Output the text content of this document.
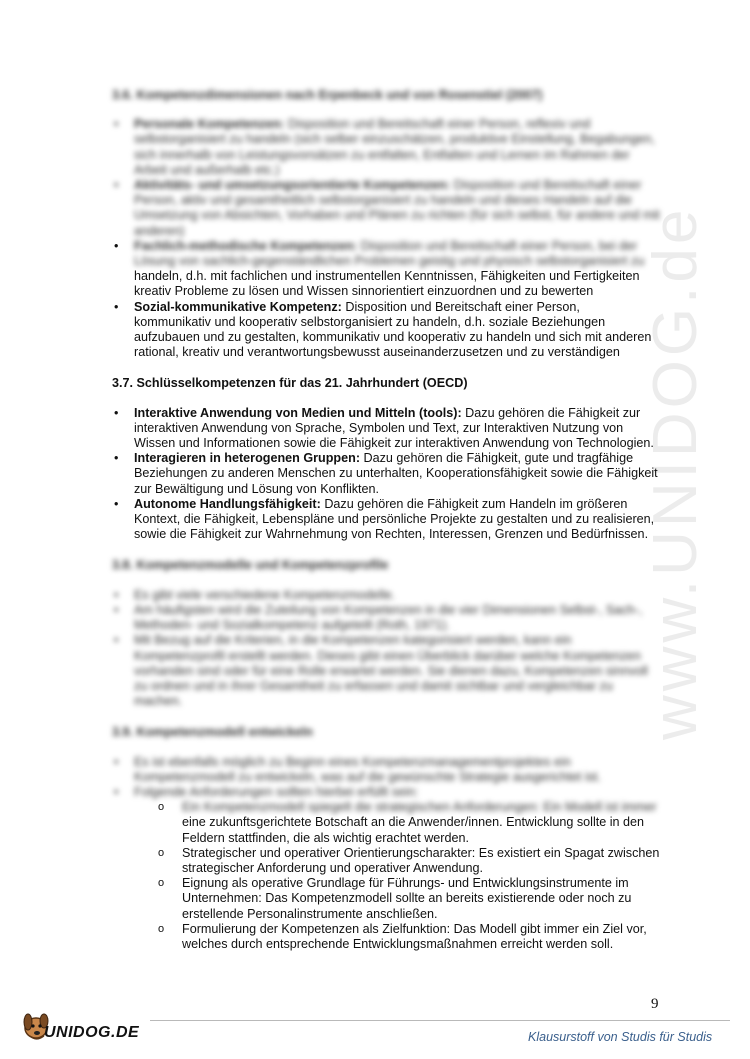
www.UNIDOG.de
3.6. Kompetenzdimensionen nach Erpenbeck und von Rosenstiel (2007)
• Personale Kompetenzen: Disposition und Bereitschaft einer Person, reflexiv und selbstorganisiert zu handeln (sich selber einzuschätzen, produktive Einstellung, Begabungen, sich innerhalb von Leistungsvorsätzen zu entfalten, Entfalten und Lernen im Rahmen der Arbeit und außerhalb etc.)
• Aktivitäts- und umsetzungsorientierte Kompetenzen: Disposition und Bereitschaft einer Person, aktiv und gesamtheitlich selbstorganisiert zu handeln und dieses Handeln auf die Umsetzung von Absichten, Vorhaben und Plänen zu richten (für sich selbst, für andere und mit anderen)
• Fachlich-methodische Kompetenzen: Disposition und Bereitschaft einer Person, bei der Lösung von sachlich-gegenständlichen Problemen geistig und physisch selbstorganisiert zu
handeln, d.h. mit fachlichen und instrumentellen Kenntnissen, Fähigkeiten und Fertigkeiten kreativ Probleme zu lösen und Wissen sinnorientiert einzuordnen und zu bewerten
• Sozial-kommunikative Kompetenz: Disposition und Bereitschaft einer Person, kommunikativ und kooperativ selbstorganisiert zu handeln, d.h. soziale Beziehungen aufzubauen und zu gestalten, kommunikativ und kooperativ zu handeln und sich mit anderen rational, kreativ und verantwortungsbewusst auseinanderzusetzen und zu verständigen
3.7. Schlüsselkompetenzen für das 21. Jahrhundert (OECD)
• Interaktive Anwendung von Medien und Mitteln (tools): Dazu gehören die Fähigkeit zur interaktiven Anwendung von Sprache, Symbolen und Text, zur Interaktiven Nutzung von Wissen und Informationen sowie die Fähigkeit zur interaktiven Anwendung von Technologien.
• Interagieren in heterogenen Gruppen: Dazu gehören die Fähigkeit, gute und tragfähige Beziehungen zu anderen Menschen zu unterhalten, Kooperationsfähigkeit sowie die Fähigkeit zur Bewältigung und Lösung von Konflikten.
• Autonome Handlungsfähigkeit: Dazu gehören die Fähigkeit zum Handeln im größeren Kontext, die Fähigkeit, Lebenspläne und persönliche Projekte zu gestalten und zu realisieren, sowie die Fähigkeit zur Wahrnehmung von Rechten, Interessen, Grenzen und Bedürfnissen.
3.8. Kompetenzmodelle und Kompetenzprofile
• Es gibt viele verschiedene Kompetenzmodelle.
• Am häufigsten wird die Zuteilung von Kompetenzen in die vier Dimensionen Selbst-, Sach-, Methoden- und Sozialkompetenz aufgeteilt (Roth, 1971).
• Mit Bezug auf die Kriterien, in die Kompetenzen kategorisiert werden, kann ein Kompetenzprofil erstellt werden. Dieses gibt einen Überblick darüber welche Kompetenzen vorhanden sind oder für eine Rolle erwartet werden. Sie dienen dazu, Kompetenzen sinnvoll zu ordnen und in ihrer Gesamtheit zu erfassen und damit sichtbar und vergleichbar zu machen.
3.9. Kompetenzmodell entwickeln
• Es ist ebenfalls möglich zu Beginn eines Kompetenzmanagementprojektes ein Kompetenzmodell zu entwickeln, was auf die gewünschte Strategie ausgerichtet ist.
• Folgende Anforderungen sollten hierbei erfüllt sein:
o Ein Kompetenzmodell spiegelt die strategischen Anforderungen: Ein Modell ist immer
eine zukunftsgerichtete Botschaft an die Anwender/innen. Entwicklung sollte in den Feldern stattfinden, die als wichtig erachtet werden.
o Strategischer und operativer Orientierungscharakter: Es existiert ein Spagat zwischen strategischer Anforderung und operativer Anwendung.
o Eignung als operative Grundlage für Führungs- und Entwicklungsinstrumente im Unternehmen: Das Kompetenzmodell sollte an bereits existierende oder noch zu erstellende Personalinstrumente anschließen.
o Formulierung der Kompetenzen als Zielfunktion: Das Modell gibt immer ein Ziel vor, welches durch entsprechende Entwicklungsmaßnahmen erreicht werden soll.
9
UNIDOG.DE	Klausurstoff von Studis für Studis
